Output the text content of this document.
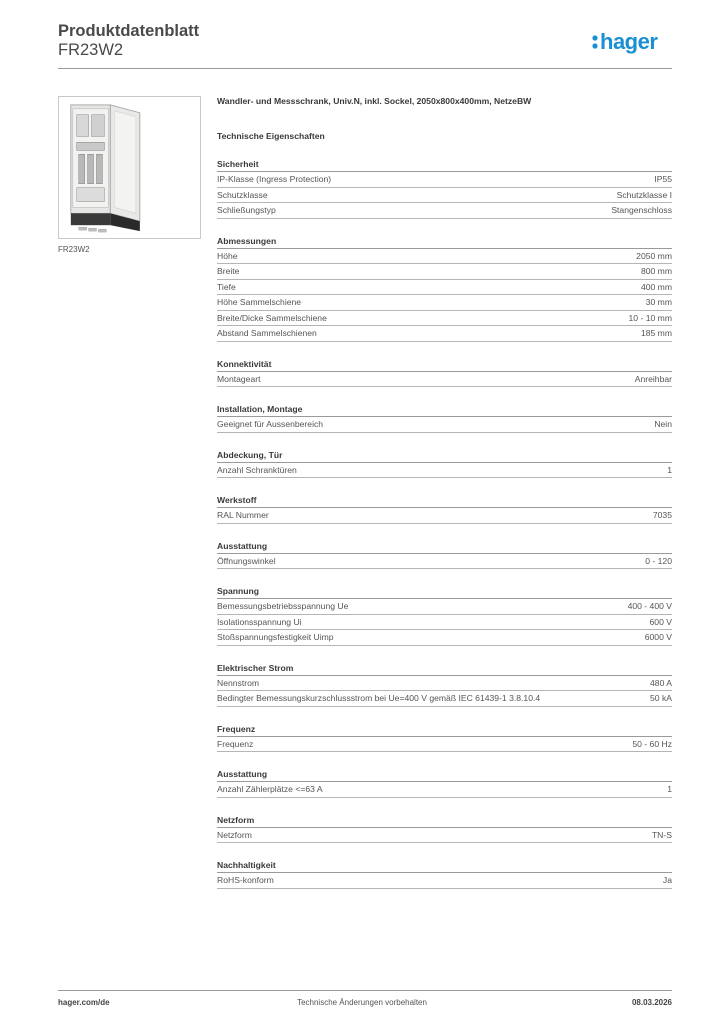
Produktdatenblatt
FR23W2	hager
FR23W2
Wandler- und Messschrank, Univ.N, inkl. Sockel, 2050x800x400mm, NetzeBW
Technische Eigenschaften
Sicherheit
IP-Klasse (Ingress Protection)	IP55
Schutzklasse	Schutzklasse I
Schließungstyp	Stangenschloss
Abmessungen
Höhe	2050 mm
Breite	800 mm
Tiefe	400 mm
Höhe Sammelschiene	30 mm
Breite/Dicke Sammelschiene	10 - 10 mm
Abstand Sammelschienen	185 mm
Konnektivität
Montageart	Anreihbar
Installation, Montage
Geeignet für Aussenbereich	Nein
Abdeckung, Tür
Anzahl Schranktüren	1
Werkstoff
RAL Nummer	7035
Ausstattung
Öffnungswinkel	0 - 120
Spannung
Bemessungsbetriebsspannung Ue	400 - 400 V
Isolationsspannung Ui	600 V
Stoßspannungsfestigkeit Uimp	6000 V
Elektrischer Strom
Nennstrom	480 A
Bedingter Bemessungskurzschlussstrom bei Ue=400 V gemäß IEC 61439-1 3.8.10.4	50 kA
Frequenz
Frequenz	50 - 60 Hz
Ausstattung
Anzahl Zählerplätze <=63 A	1
Netzform
Netzform	TN-S
Nachhaltigkeit
RoHS-konform	Ja
hager.com/de	Technische Änderungen vorbehalten	08.03.2026
